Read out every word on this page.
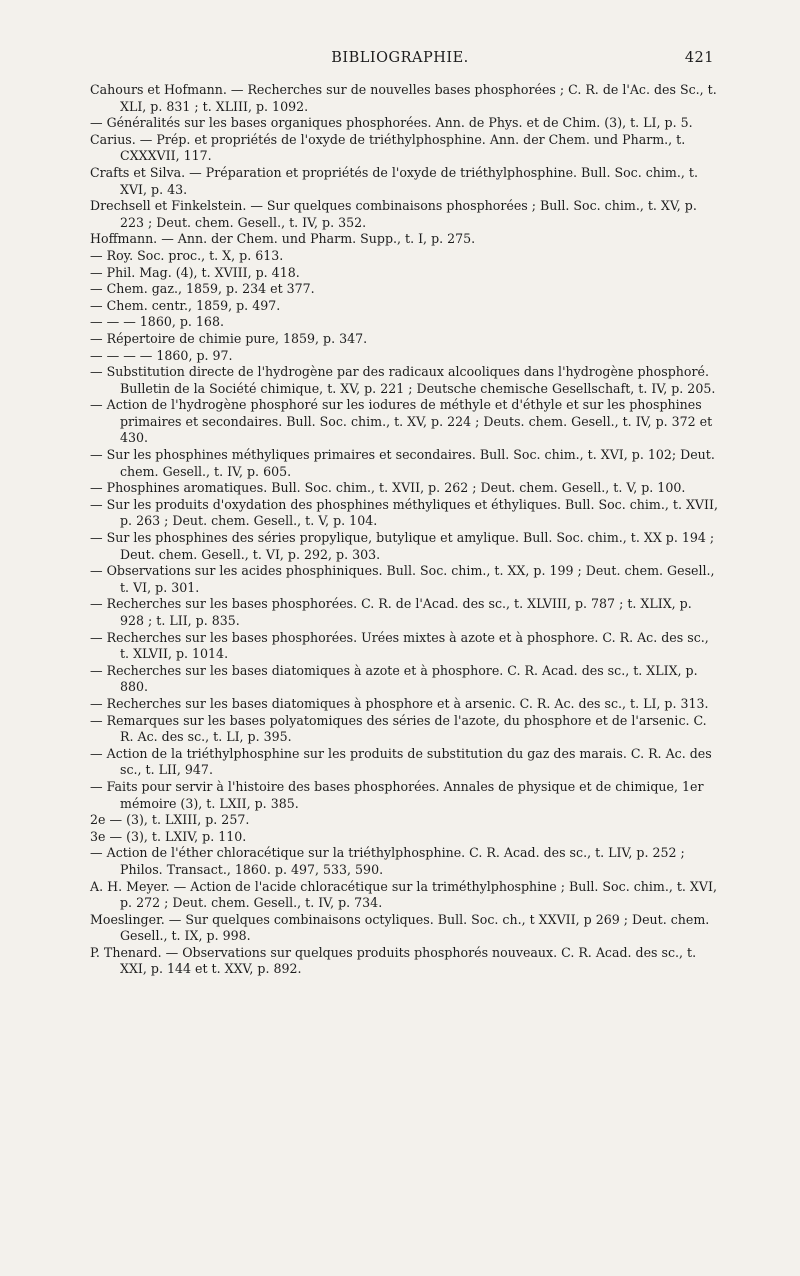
BIBLIOGRAPHIE.	421

Cahours et Hofmann. — Recherches sur de nouvelles bases phosphorées ; C. R. de l'Ac. des Sc., t. XLI, p. 831 ; t. XLIII, p. 1092.

— Généralités sur les bases organiques phosphorées. Ann. de Phys. et de Chim. (3), t. LI, p. 5.

Carius. — Prép. et propriétés de l'oxyde de triéthylphosphine. Ann. der Chem. und Pharm., t. CXXXVII, 117.

Crafts et Silva. — Préparation et propriétés de l'oxyde de triéthylphosphine. Bull. Soc. chim., t. XVI, p. 43.

Drechsell et Finkelstein. — Sur quelques combinaisons phosphorées ; Bull. Soc. chim., t. XV, p. 223 ; Deut. chem. Gesell., t. IV, p. 352.

Hoffmann. — Ann. der Chem. und Pharm. Supp., t. I, p. 275.

— Roy. Soc. proc., t. X, p. 613.

— Phil. Mag. (4), t. XVIII, p. 418.

— Chem. gaz., 1859, p. 234 et 377.

— Chem. centr., 1859, p. 497.

— — — 1860, p. 168.

— Répertoire de chimie pure, 1859, p. 347.

— — — — 1860, p. 97.

— Substitution directe de l'hydrogène par des radicaux alcooliques dans l'hydrogène phosphoré. Bulletin de la Société chimique, t. XV, p. 221 ; Deutsche chemische Gesellschaft, t. IV, p. 205.

— Action de l'hydrogène phosphoré sur les iodures de méthyle et d'éthyle et sur les phosphines primaires et secondaires. Bull. Soc. chim., t. XV, p. 224 ; Deuts. chem. Gesell., t. IV, p. 372 et 430.

— Sur les phosphines méthyliques primaires et secondaires. Bull. Soc. chim., t. XVI, p. 102; Deut. chem. Gesell., t. IV, p. 605.

— Phosphines aromatiques. Bull. Soc. chim., t. XVII, p. 262 ; Deut. chem. Gesell., t. V, p. 100.

— Sur les produits d'oxydation des phosphines méthyliques et éthyliques. Bull. Soc. chim., t. XVII, p. 263 ; Deut. chem. Gesell., t. V, p. 104.

— Sur les phosphines des séries propylique, butylique et amylique. Bull. Soc. chim., t. XX p. 194 ; Deut. chem. Gesell., t. VI, p. 292, p. 303.

— Observations sur les acides phosphiniques. Bull. Soc. chim., t. XX, p. 199 ; Deut. chem. Gesell., t. VI, p. 301.

— Recherches sur les bases phosphorées. C. R. de l'Acad. des sc., t. XLVIII, p. 787 ; t. XLIX, p. 928 ; t. LII, p. 835.

— Recherches sur les bases phosphorées. Urées mixtes à azote et à phosphore. C. R. Ac. des sc., t. XLVII, p. 1014.

— Recherches sur les bases diatomiques à azote et à phosphore. C. R. Acad. des sc., t. XLIX, p. 880.

— Recherches sur les bases diatomiques à phosphore et à arsenic. C. R. Ac. des sc., t. LI, p. 313.

— Remarques sur les bases polyatomiques des séries de l'azote, du phosphore et de l'arsenic. C. R. Ac. des sc., t. LI, p. 395.

— Action de la triéthylphosphine sur les produits de substitution du gaz des marais. C. R. Ac. des sc., t. LII, 947.

— Faits pour servir à l'histoire des bases phosphorées. Annales de physique et de chimique, 1er mémoire (3), t. LXII, p. 385.

2e — (3), t. LXIII, p. 257.

3e — (3), t. LXIV, p. 110.

— Action de l'éther chloracétique sur la triéthylphosphine. C. R. Acad. des sc., t. LIV, p. 252 ; Philos. Transact., 1860. p. 497, 533, 590.

A. H. Meyer. — Action de l'acide chloracétique sur la triméthylphosphine ; Bull. Soc. chim., t. XVI, p. 272 ; Deut. chem. Gesell., t. IV, p. 734.

Moeslinger. — Sur quelques combinaisons octyliques. Bull. Soc. ch., t XXVII, p 269 ; Deut. chem. Gesell., t. IX, p. 998.

P. Thenard. — Observations sur quelques produits phosphorés nouveaux. C. R. Acad. des sc., t. XXI, p. 144 et t. XXV, p. 892.
